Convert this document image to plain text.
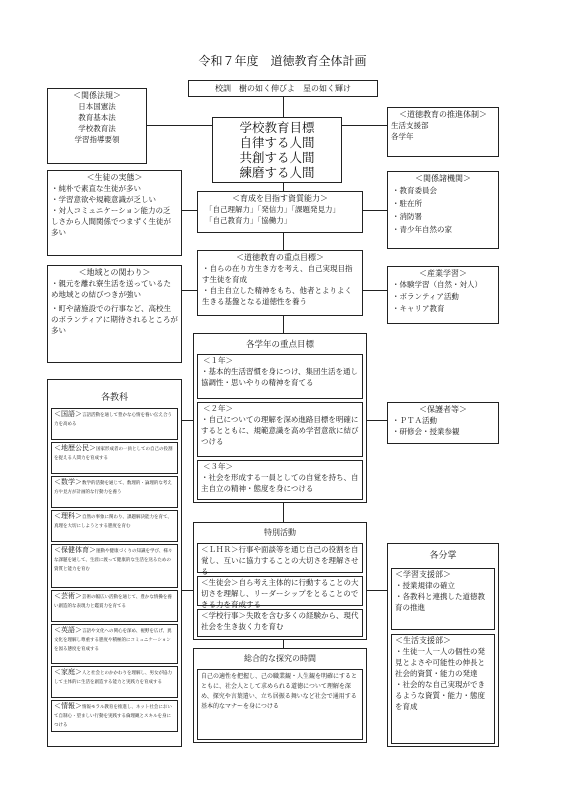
令和７年度　道徳教育全体計画
校訓　樹の如く伸びよ　星の如く輝け
＜関係法規＞
日本国憲法
教育基本法
学校教育法
学習指導要領
学校教育目標
自律する人間
共創する人間
練磨する人間
＜道徳教育の推進体制＞
生活支援部
各学年
＜生徒の実態＞
・純朴で素直な生徒が多い
・学習意欲や規範意識が乏しい
・対人コミュニケーション能力の乏しさから人間関係でつまずく生徒が多い
＜育成を目指す資質能力＞
「自己理解力」「発信力」「課題発見力」
「自己教育力」「協働力」
＜関係諸機関＞
・教育委員会
・駐在所
・消防署
・青少年自然の家
＜道徳教育の重点目標＞
・自らの在り方生き方を考え、自己実現目指す生徒を育成
・自主自立した精神をもち、他者とよりよく生きる基盤となる道徳性を養う
＜地域との関わり＞
・親元を離れ寮生活を送っているため地域との結びつきが強い
・町や諸施設での行事など、高校生のボランティアに期待されるところが多い
＜産業学習＞
・体験学習（自然・対人）
・ボランティア活動
・キャリア教育
各学年の重点目標
＜１年＞
・基本的生活習慣を身につけ、集団生活を通し協調性・思いやりの精神を育てる
＜２年＞
・自己についての理解を深め進路目標を明確にするとともに、規範意識を高め学習意欲に結びつける
＜３年＞
・社会を形成する一員としての自覚を持ち、自主自立の精神・態度を身につける
＜保護者等＞
・ＰＴＡ活動
・研修会・授業参観
各教科
＜国語＞言語活動を通して豊かな心情を養い伝え合う力を高める
＜地歴公民＞国家形成者の一員としての自己の役割を捉える人間力を育成する
＜数学＞数学的活動を通じて、数理的・論理的な考え方や見方が計画的な行動力を養う
＜理科＞自然の事象に関わり、課題解決能力を育て、真理を大切にしようとする態度を育む
＜保健体育＞運動や健康づくりの知識を学び、様々な課題を通して、生涯に渡って健康的な生活を送るための資質と能力を育む
＜芸術＞芸術の幅広い活動を通じて、豊かな情操を養い創造的な表現力と鑑賞力を育てる
＜英語＞言語や文化への関心を深め、視野を広げ、異文化を理解し尊重する態度や積極的にコミュニケーションを図る態度を育成する
＜家庭＞人と社会とのかかわりを理解し、男女が協力して主体的に生活を創造する能力と実践力を育成する
＜情報＞情報モラル教育を推進し、ネット社会において自制心・望ましい行動を実践する倫理観とスキルを身につける
特別活動
＜ＬＨＲ＞行事や面談等を通じ自己の役割を自覚し、互いに協力することの大切さを理解させる
＜生徒会＞自ら考え主体的に行動することの大切さを理解し、リーダーシップをとることのできる力を育成する
＜学校行事＞失敗を含む多くの経験から、現代社会を生き抜く力を育む
各分掌
＜学習支援部＞
・授業規律の確立
・各教科と連携した道徳教育の推進
＜生活支援部＞
・生徒一人一人の個性の発見とよさや可能性の伸長と社会的資質・能力の発達
・社会的な自己実現ができるような資質・能力・態度を育成
総合的な探究の時間
自己の適性を把握し、己の職業観・人生観を明確にするとともに、社会人として求められる道徳について理解を深め、探究や言葉遣い、立ち居振る舞いなど社会で通用する基本的なマナーを身につける
